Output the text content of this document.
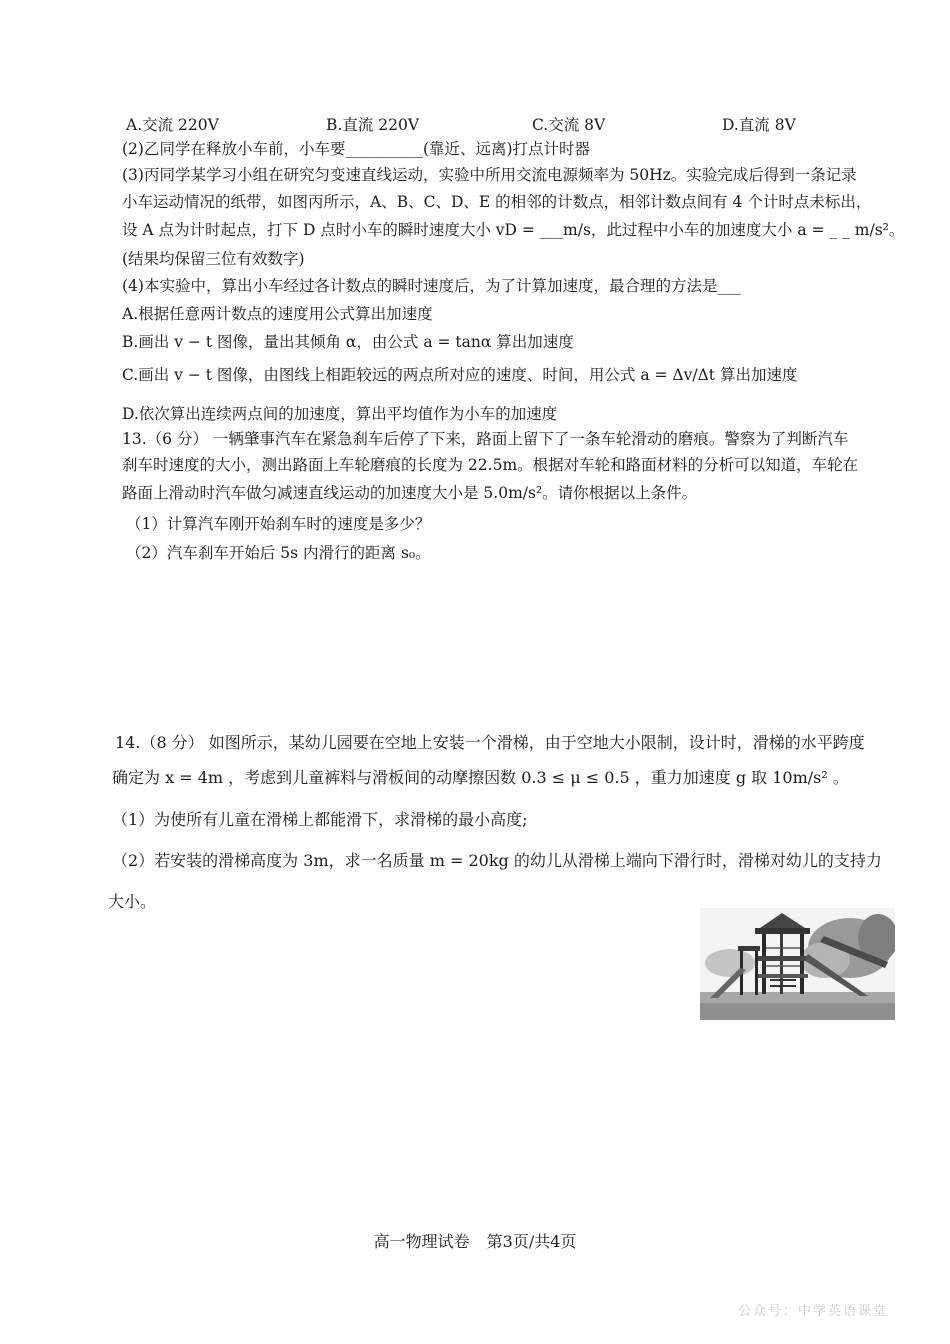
A.交流 220V	B.直流 220V	C.交流 8V	D.直流 8V
(2)乙同学在释放小车前，小车要__________(靠近、远离)打点计时器
(3)丙同学某学习小组在研究匀变速直线运动，实验中所用交流电源频率为 50Hz。实验完成后得到一条记录
小车运动情况的纸带，如图丙所示，A、B、C、D、E 的相邻的计数点，相邻计数点间有 4 个计时点未标出，
设 A 点为计时起点，打下 D 点时小车的瞬时速度大小 vD = ___m/s，此过程中小车的加速度大小 a = _ _ m/s²。
(结果均保留三位有效数字)
(4)本实验中，算出小车经过各计数点的瞬时速度后，为了计算加速度，最合理的方法是___
A.根据任意两计数点的速度用公式算出加速度
B.画出 v − t 图像，量出其倾角 α，由公式 a = tanα 算出加速度
C.画出 v − t 图像，由图线上相距较远的两点所对应的速度、时间，用公式 a = Δv/Δt 算出加速度
D.依次算出连续两点间的加速度，算出平均值作为小车的加速度
13.（6 分） 一辆肇事汽车在紧急刹车后停了下来，路面上留下了一条车轮滑动的磨痕。警察为了判断汽车
刹车时速度的大小，测出路面上车轮磨痕的长度为 22.5m。根据对车轮和路面材料的分析可以知道，车轮在
路面上滑动时汽车做匀减速直线运动的加速度大小是 5.0m/s²。请你根据以上条件。
（1）计算汽车刚开始刹车时的速度是多少？
（2）汽车刹车开始后 5s 内滑行的距离 s₀。
14.（8 分） 如图所示，某幼儿园要在空地上安装一个滑梯，由于空地大小限制，设计时，滑梯的水平跨度
确定为 x = 4m ，考虑到儿童裤料与滑板间的动摩擦因数 0.3 ≤ μ ≤ 0.5 ，重力加速度 g 取 10m/s² 。
（1）为使所有儿童在滑梯上都能滑下，求滑梯的最小高度;
（2）若安装的滑梯高度为 3m，求一名质量 m = 20kg 的幼儿从滑梯上端向下滑行时，滑梯对幼儿的支持力
大小。
高一物理试卷 第3页/共4页
公众号：中学英语课堂
